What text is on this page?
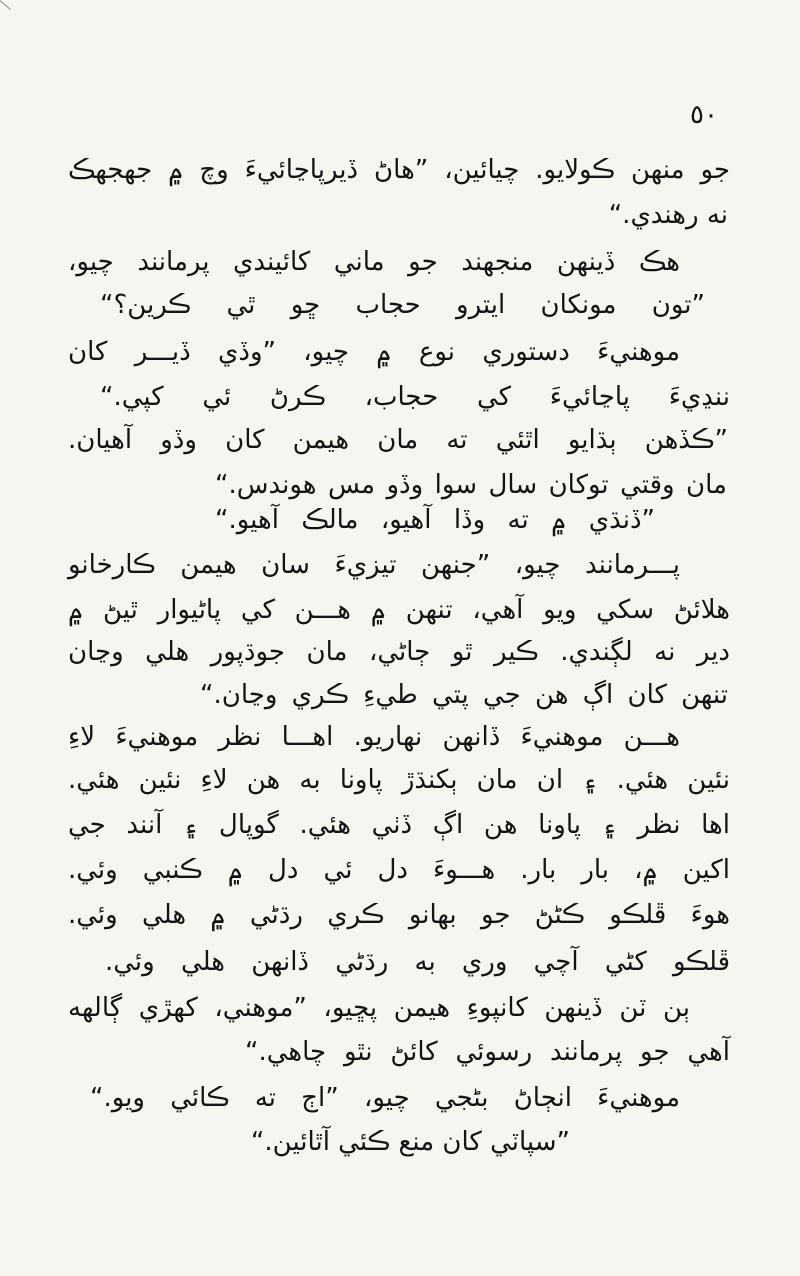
٥٠
جو منهن ڪولايو. چيائين، ”هاڻ ڏيرپاڃائيءَ وچ ۾ جهجهڪ
نه رهندي.“
هڪ ڏينهن منجهند جو ماني کائيندي پرمانند چيو،
”تون مونکان ايترو حجاب ڇو ٿي ڪرين؟“
موهنيءَ دستوري نوع ۾ چيو، ”وڏي ڏيـــر کان
ننڍيءَ پاڃائيءَ کي حجاب، ڪرڻ ئي کپي.“
”ڪڏهن ٻڌايو اٿئي ته مان هيمن کان وڏو آهيان.
مان وقتي توکان سال سوا وڏو مس هوندس.“
”ڏنڌي ۾ ته وڏا آهيو، مالڪ آهيو.“
پـــرمانند چيو، ”جنهن تيزيءَ سان هيمن ڪارخانو
هلائڻ سکي ويو آهي، تنهن ۾ هـــن کي پاڻيوار ٿيڻ ۾
دير نه لڳندي. ڪير ٿو ڄاڻي، مان جوڌپور هلي وڃان
تنهن کان اڳ هن جي پتي طيءِ ڪري وڃان.“
هـــن موهنيءَ ڏانهن نهاريو. اهـــا نظر موهنيءَ لاءِ
نئين هئي. ۽ ان مان ٻکنڌڙ پاونا به هن لاءِ نئين هئي.
اها نظر ۽ پاونا هن اڳ ڏٺي هئي. گوپال ۽ آنند جي
اکين ۾، بار بار. هـــوءَ دل ئي دل ۾ ڪنبي وئي.
هوءَ ڦلڪو ڪڻڻ جو بهانو ڪري رڌڻي ۾ هلي وئي.
ڦلڪو کڻي آچي وري به رڌڻي ڏانهن هلي وئي.
ٻن ٽن ڏينهن کانپوءِ هيمن پڇيو، ”موهني، کهڙي ڳالهه
آهي جو پرمانند رسوئي کائڻ نٿو چاهي.“
موهنيءَ انڄاڻ بڻجي چيو، ”اڄ ته ڪائي ويو.“
”سپاٽي کان منع ڪئي آٿائين.“
